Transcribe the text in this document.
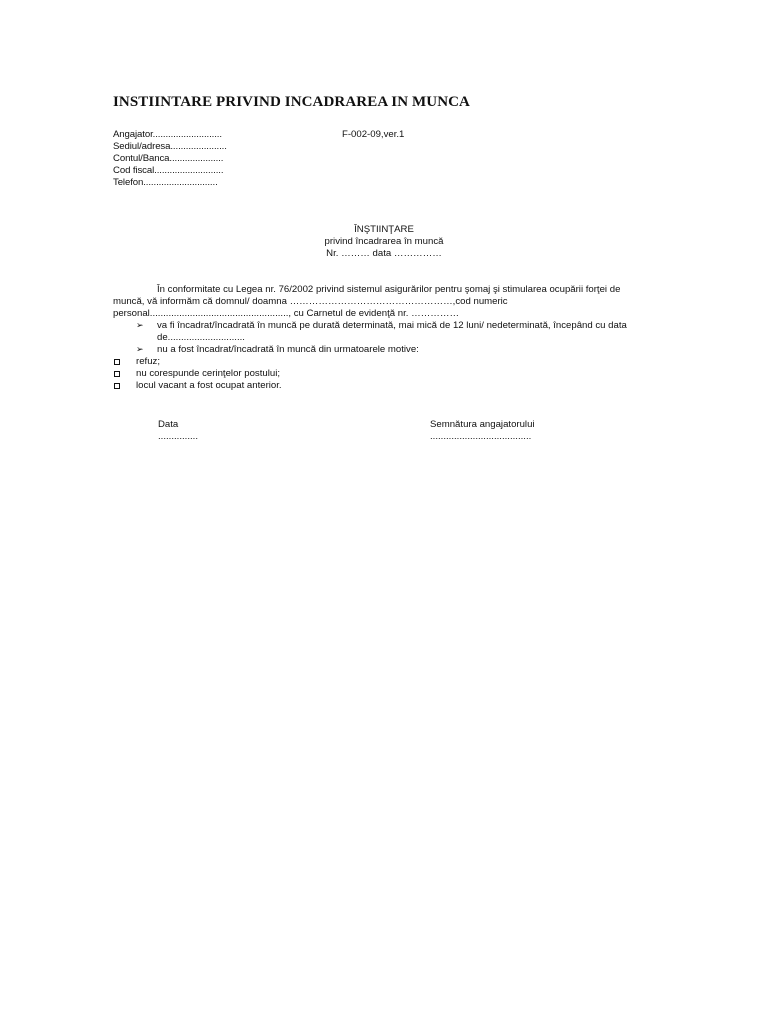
INSTIINTARE PRIVIND INCADRAREA IN MUNCA
Angajator...........................
Sediul/adresa......................
Contul/Banca.....................
Cod fiscal...........................
Telefon.............................
F-002-09,ver.1
ÎNŞTIINŢARE
privind încadrarea în muncă
Nr. ……… data ……………
În conformitate cu Legea nr. 76/2002 privind sistemul asigurărilor pentru şomaj şi stimularea ocupării forţei de
muncă, vă informăm că domnul/ doamna ……………………………………………,cod numeric
personal...................................................., cu Carnetul de evidenţă nr. ……………
➢ va fi încadrat/încadrată în muncă pe durată determinată, mai mică de 12 luni/ nedeterminată, începând cu data
de.............................
➢ nu a fost încadrat/încadrată în muncă din urmatoarele motive:
refuz;
nu corespunde cerinţelor postului;
locul vacant a fost ocupat anterior.
Data
...............
Semnătura angajatorului
......................................
